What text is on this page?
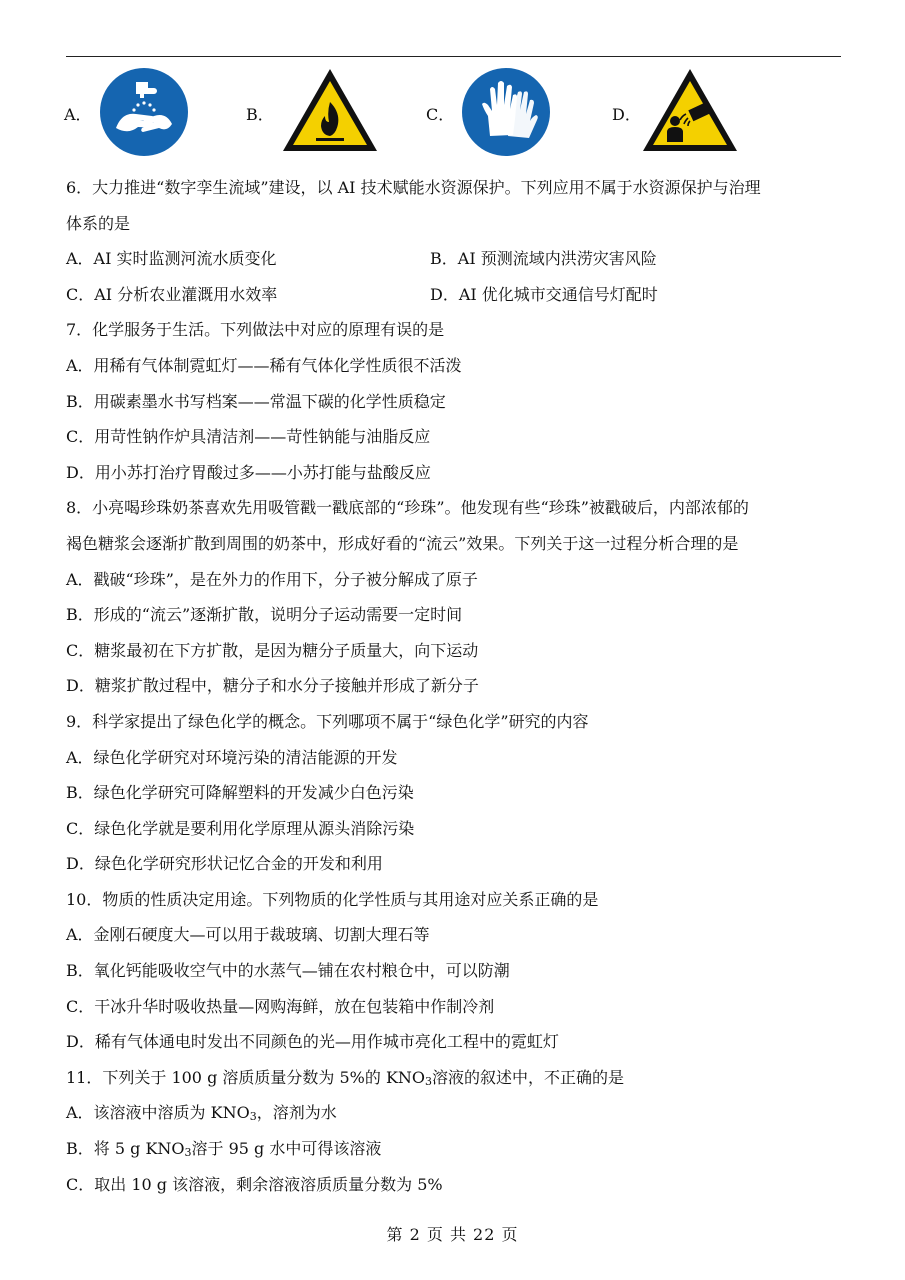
A．	B．	C．	D．
6．大力推进“数字孪生流域”建设，以 AI 技术赋能水资源保护。下列应用不属于水资源保护与治理
体系的是
A．AI 实时监测河流水质变化	B．AI 预测流域内洪涝灾害风险
C．AI 分析农业灌溉用水效率	D．AI 优化城市交通信号灯配时
7．化学服务于生活。下列做法中对应的原理有误的是
A．用稀有气体制霓虹灯——稀有气体化学性质很不活泼
B．用碳素墨水书写档案——常温下碳的化学性质稳定
C．用苛性钠作炉具清洁剂——苛性钠能与油脂反应
D．用小苏打治疗胃酸过多——小苏打能与盐酸反应
8．小亮喝珍珠奶茶喜欢先用吸管戳一戳底部的“珍珠”。他发现有些“珍珠”被戳破后，内部浓郁的
褐色糖浆会逐渐扩散到周围的奶茶中，形成好看的“流云”效果。下列关于这一过程分析合理的是
A．戳破“珍珠”，是在外力的作用下，分子被分解成了原子
B．形成的“流云”逐渐扩散，说明分子运动需要一定时间
C．糖浆最初在下方扩散，是因为糖分子质量大，向下运动
D．糖浆扩散过程中，糖分子和水分子接触并形成了新分子
9．科学家提出了绿色化学的概念。下列哪项不属于“绿色化学”研究的内容
A．绿色化学研究对环境污染的清洁能源的开发
B．绿色化学研究可降解塑料的开发减少白色污染
C．绿色化学就是要利用化学原理从源头消除污染
D．绿色化学研究形状记忆合金的开发和利用
10．物质的性质决定用途。下列物质的化学性质与其用途对应关系正确的是
A．金刚石硬度大—可以用于裁玻璃、切割大理石等
B．氧化钙能吸收空气中的水蒸气—铺在农村粮仓中，可以防潮
C．干冰升华时吸收热量—网购海鲜，放在包装箱中作制冷剂
D．稀有气体通电时发出不同颜色的光—用作城市亮化工程中的霓虹灯
11．下列关于 100 g 溶质质量分数为 5%的 $KNO_3$溶液的叙述中，不正确的是
A．该溶液中溶质为 $KNO_3$，溶剂为水
B．将 5 g $KNO_3$溶于 95 g 水中可得该溶液
C．取出 10 g 该溶液，剩余溶液溶质质量分数为 5%
第 2 页 共 22 页
